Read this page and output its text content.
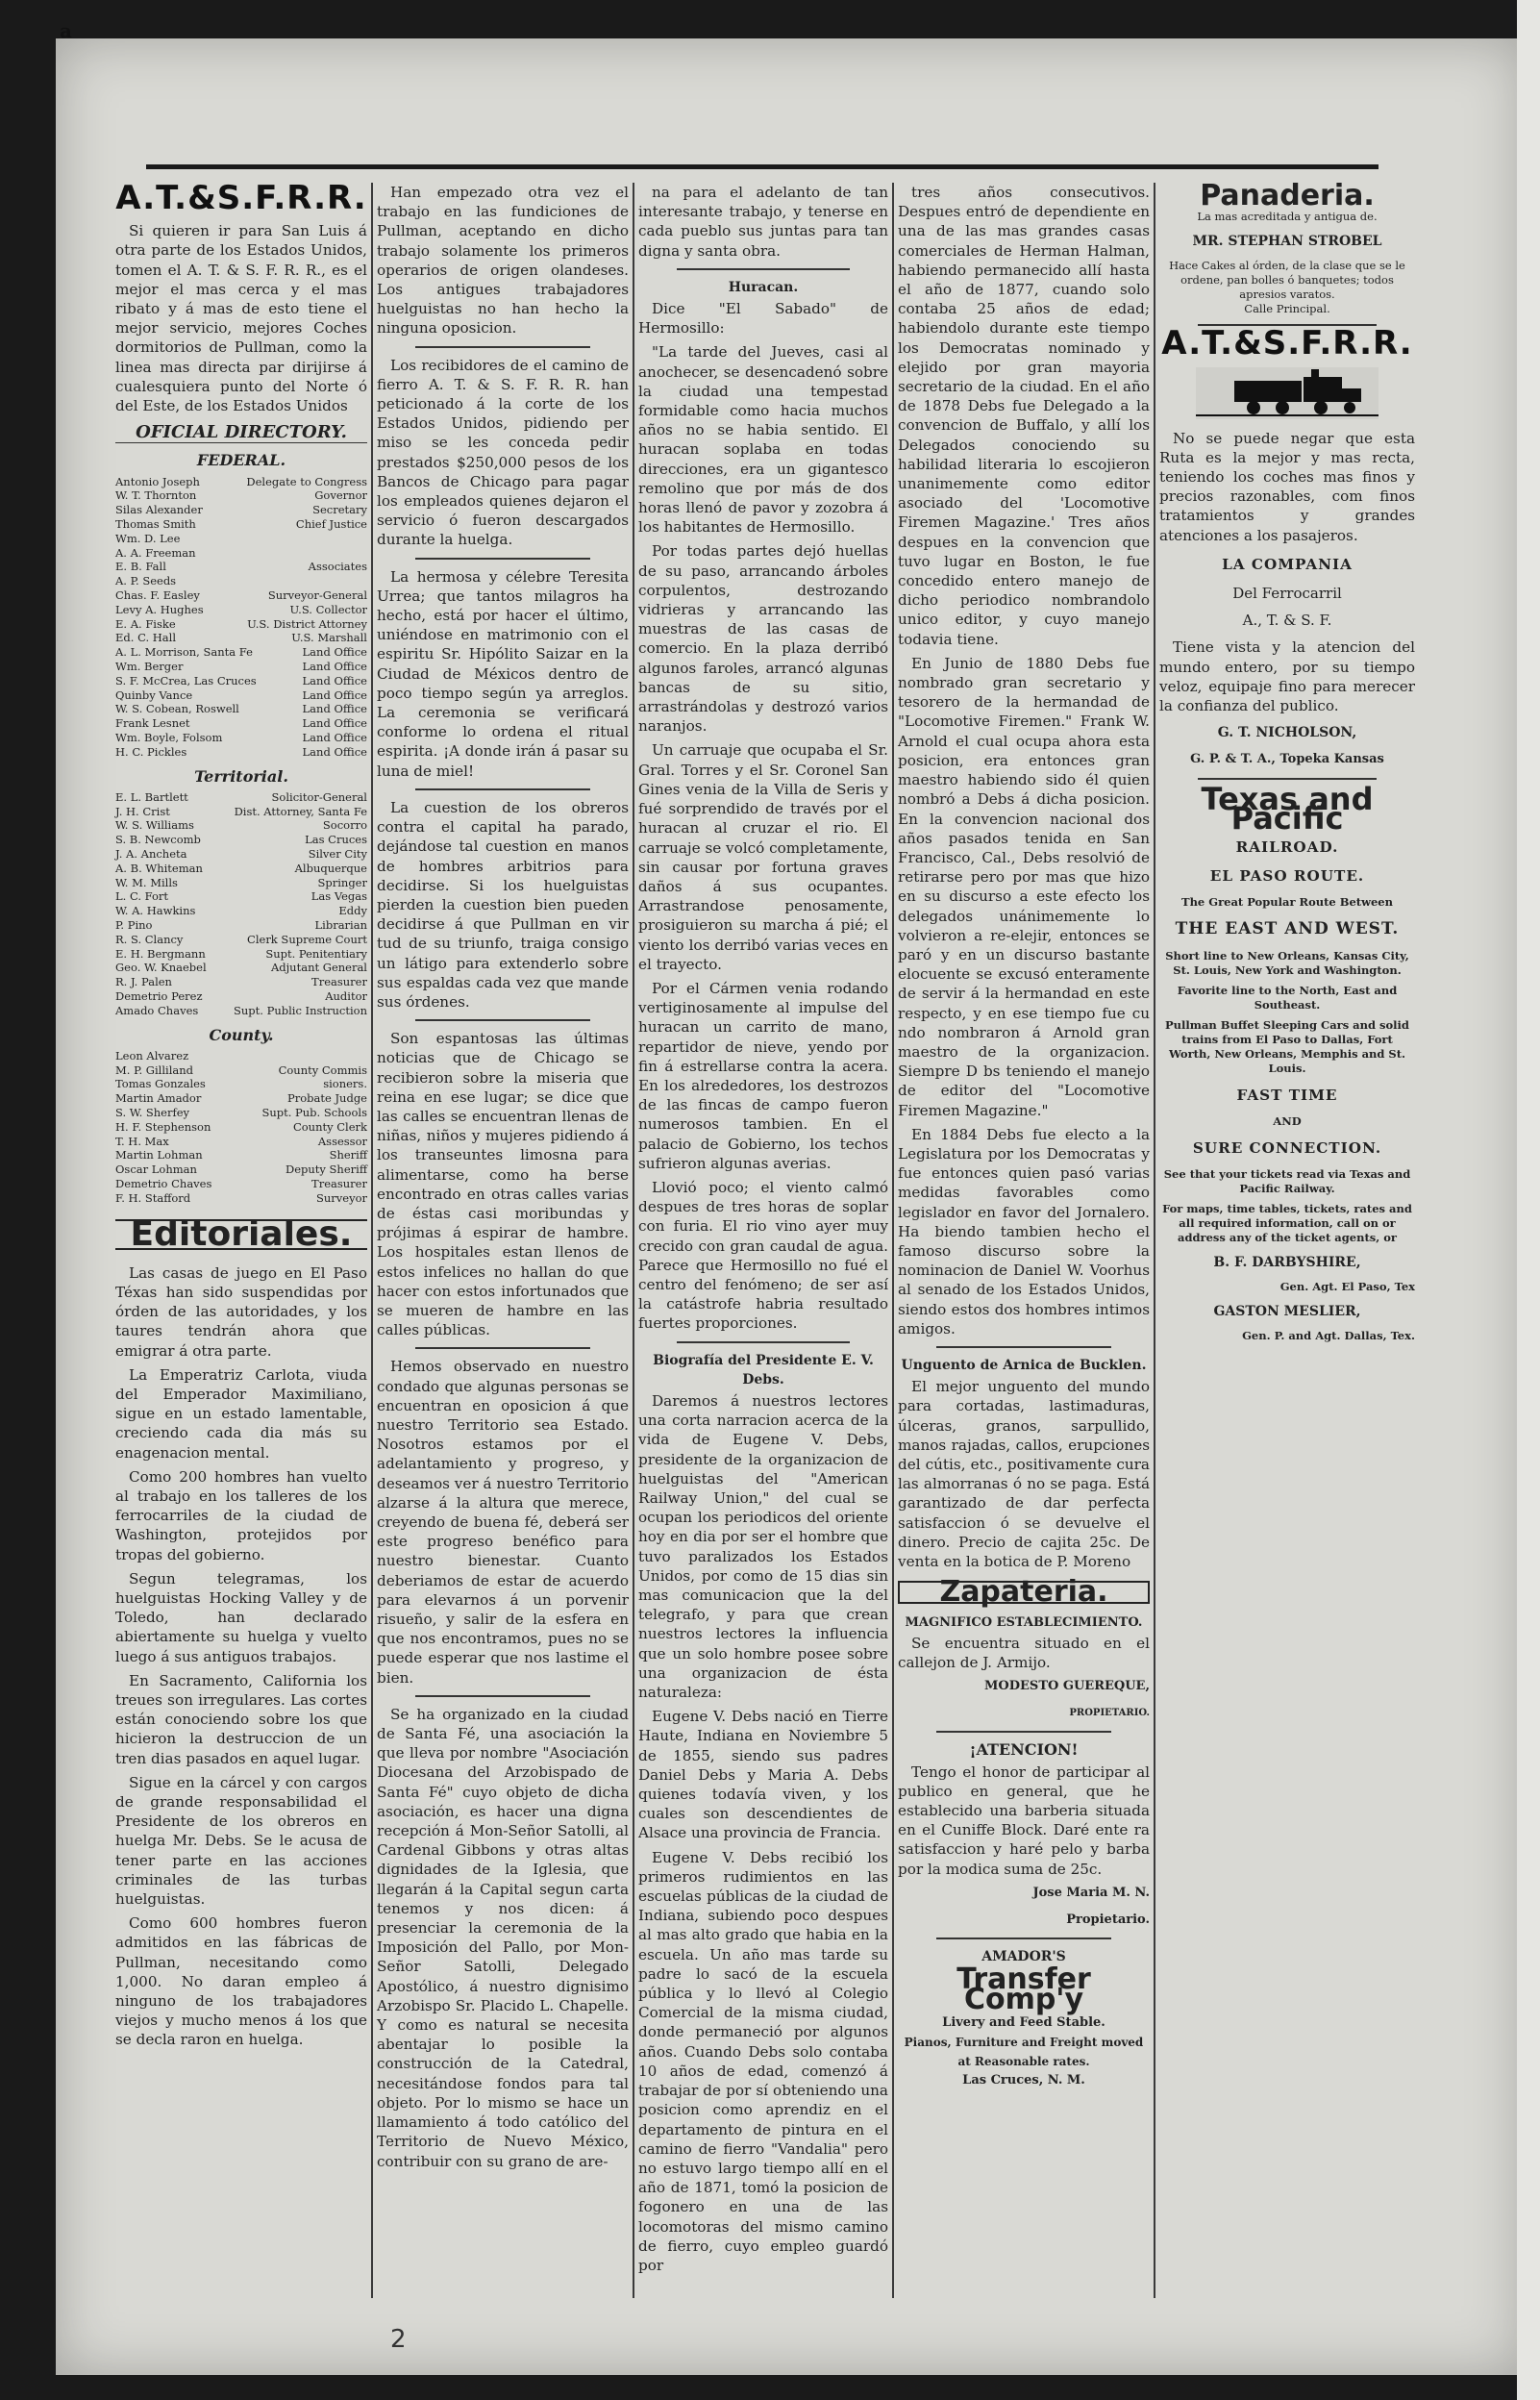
a
A.T.&S.F.R.R.

Si quieren ir para San Luis á otra parte de los Estados Unidos, tomen el A. T. & S. F. R. R., es el mejor el mas cerca y el mas ribato y á mas de esto tiene el mejor servicio, mejores Coches dormitorios de Pullman, como la linea mas directa par dirijirse á cualesquiera punto del Norte ó del Este, de los Estados Unidos

OFICIAL DIRECTORY.
FEDERAL.
Antonio Joseph	Delegate to Congress
W. T. Thornton	Governor
Silas Alexander	Secretary
Thomas Smith	Chief Justice
Wm. D. Lee
A. A. Freeman
E. B. Fall	Associates
A. P. Seeds
Chas. F. Easley	Surveyor-General
Levy A. Hughes	U.S. Collector
E. A. Fiske	U.S. District Attorney
Ed. C. Hall	U.S. Marshall
A. L. Morrison, Santa Fe	Land Office
Wm. Berger	Land Office
S. F. McCrea, Las Cruces	Land Office
Quinby Vance	Land Office
W. S. Cobean, Roswell	Land Office
Frank Lesnet	Land Office
Wm. Boyle, Folsom	Land Office
H. C. Pickles	Land Office
Territorial.
E. L. Bartlett	Solicitor-General
J. H. Crist	Dist. Attorney, Santa Fe
W. S. Williams	Socorro
S. B. Newcomb	Las Cruces
J. A. Ancheta	Silver City
A. B. Whiteman	Albuquerque
W. M. Mills	Springer
L. C. Fort	Las Vegas
W. A. Hawkins	Eddy
P. Pino	Librarian
R. S. Clancy	Clerk Supreme Court
E. H. Bergmann	Supt. Penitentiary
Geo. W. Knaebel	Adjutant General
R. J. Palen	Treasurer
Demetrio Perez	Auditor
Amado Chaves	Supt. Public Instruction
County.
Leon Alvarez
M. P. Gilliland	County Commis
Tomas Gonzales	sioners.
Martin Amador	Probate Judge
S. W. Sherfey	Supt. Pub. Schools
H. F. Stephenson	County Clerk
T. H. Max	Assessor
Martin Lohman	Sheriff
Oscar Lohman	Deputy Sheriff
Demetrio Chaves	Treasurer
F. H. Stafford	Surveyor
Editoriales.

Las casas de juego en El Paso Téxas han sido suspendidas por órden de las autoridades, y los taures tendrán ahora que emigrar á otra parte.

La Emperatriz Carlota, viuda del Emperador Maximiliano, sigue en un estado lamentable, creciendo cada dia más su enagenacion mental.

Como 200 hombres han vuelto al trabajo en los talleres de los ferrocarriles de la ciudad de Washington, protejidos por tropas del gobierno.

Segun telegramas, los huelguistas Hocking Valley y de Toledo, han declarado abiertamente su huelga y vuelto luego á sus antiguos trabajos.

En Sacramento, California los treues son irregulares. Las cortes están conociendo sobre los que hicieron la destruccion de un tren dias pasados en aquel lugar.

Sigue en la cárcel y con cargos de grande responsabilidad el Presidente de los obreros en huelga Mr. Debs. Se le acusa de tener parte en las acciones criminales de las turbas huelguistas.

Como 600 hombres fueron admitidos en las fábricas de Pullman, necesitando como 1,000. No daran empleo á ninguno de los trabajadores viejos y mucho menos á los que se decla raron en huelga.

Han empezado otra vez el trabajo en las fundiciones de Pullman, aceptando en dicho trabajo solamente los primeros operarios de origen olandeses. Los antigues trabajadores huelguistas no han hecho la ninguna oposicion.

Los recibidores de el camino de fierro A. T. & S. F. R. R. han peticionado á la corte de los Estados Unidos, pidiendo per miso se les conceda pedir prestados $250,000 pesos de los Bancos de Chicago para pagar los empleados quienes dejaron el servicio ó fueron descargados durante la huelga.

La hermosa y célebre Teresita Urrea; que tantos milagros ha hecho, está por hacer el último, uniéndose en matrimonio con el espiritu Sr. Hipólito Saizar en la Ciudad de Méxicos dentro de poco tiempo según ya arreglos. La ceremonia se verificará conforme lo ordena el ritual espirita. ¡A donde irán á pasar su luna de miel!

La cuestion de los obreros contra el capital ha parado, dejándose tal cuestion en manos de hombres arbitrios para decidirse. Si los huelguistas pierden la cuestion bien pueden decidirse á que Pullman en vir tud de su triunfo, traiga consigo un látigo para extenderlo sobre sus espaldas cada vez que mande sus órdenes.

Son espantosas las últimas noticias que de Chicago se recibieron sobre la miseria que reina en ese lugar; se dice que las calles se encuentran llenas de niñas, niños y mujeres pidiendo á los transeuntes limosna para alimentarse, como ha berse encontrado en otras calles varias de éstas casi moribundas y prójimas á espirar de hambre. Los hospitales estan llenos de estos infelices no hallan do que hacer con estos infortunados que se mueren de hambre en las calles públicas.

Hemos observado en nuestro condado que algunas personas se encuentran en oposicion á que nuestro Territorio sea Estado. Nosotros estamos por el adelantamiento y progreso, y deseamos ver á nuestro Territorio alzarse á la altura que merece, creyendo de buena fé, deberá ser este progreso benéfico para nuestro bienestar. Cuanto deberiamos de estar de acuerdo para elevarnos á un porvenir risueño, y salir de la esfera en que nos encontramos, pues no se puede esperar que nos lastime el bien.

Se ha organizado en la ciudad de Santa Fé, una asociación la que lleva por nombre "Asociación Diocesana del Arzobispado de Santa Fé" cuyo objeto de dicha asociación, es hacer una digna recepción á Mon-Señor Satolli, al Cardenal Gibbons y otras altas dignidades de la Iglesia, que llegarán á la Capital segun carta tenemos y nos dicen: á presenciar la ceremonia de la Imposición del Pallo, por Mon-Señor Satolli, Delegado Apostólico, á nuestro dignisimo Arzobispo Sr. Placido L. Chapelle. Y como es natural se necesita abentajar lo posible la construcción de la Catedral, necesitándose fondos para tal objeto. Por lo mismo se hace un llamamiento á todo católico del Territorio de Nuevo México, contribuir con su grano de are-

na para el adelanto de tan interesante trabajo, y tenerse en cada pueblo sus juntas para tan digna y santa obra.

Huracan.

Dice "El Sabado" de Hermosillo:

"La tarde del Jueves, casi al anochecer, se desencadenó sobre la ciudad una tempestad formidable como hacia muchos años no se habia sentido. El huracan soplaba en todas direcciones, era un gigantesco remolino que por más de dos horas llenó de pavor y zozobra á los habitantes de Hermosillo.

Por todas partes dejó huellas de su paso, arrancando árboles corpulentos, destrozando vidrieras y arrancando las muestras de las casas de comercio. En la plaza derribó algunos faroles, arrancó algunas bancas de su sitio, arrastrándolas y destrozó varios naranjos.

Un carruaje que ocupaba el Sr. Gral. Torres y el Sr. Coronel San Gines venia de la Villa de Seris y fué sorprendido de través por el huracan al cruzar el rio. El carruaje se volcó completamente, sin causar por fortuna graves daños á sus ocupantes. Arrastrandose penosamente, prosiguieron su marcha á pié; el viento los derribó varias veces en el trayecto.

Por el Cármen venia rodando vertiginosamente al impulse del huracan un carrito de mano, repartidor de nieve, yendo por fin á estrellarse contra la acera. En los alrededores, los destrozos de las fincas de campo fueron numerosos tambien. En el palacio de Gobierno, los techos sufrieron algunas averias.

Llovió poco; el viento calmó despues de tres horas de soplar con furia. El rio vino ayer muy crecido con gran caudal de agua. Parece que Hermosillo no fué el centro del fenómeno; de ser así la catástrofe habria resultado fuertes proporciones.

Biografía del Presidente E. V. Debs.

Daremos á nuestros lectores una corta narracion acerca de la vida de Eugene V. Debs, presidente de la organizacion de huelguistas del "American Railway Union," del cual se ocupan los periodicos del oriente hoy en dia por ser el hombre que tuvo paralizados los Estados Unidos, por como de 15 dias sin mas comunicacion que la del telegrafo, y para que crean nuestros lectores la influencia que un solo hombre posee sobre una organizacion de ésta naturaleza:

Eugene V. Debs nació en Tierre Haute, Indiana en Noviembre 5 de 1855, siendo sus padres Daniel Debs y Maria A. Debs quienes todavía viven, y los cuales son descendientes de Alsace una provincia de Francia.

Eugene V. Debs recibió los primeros rudimientos en las escuelas públicas de la ciudad de Indiana, subiendo poco despues al mas alto grado que habia en la escuela. Un año mas tarde su padre lo sacó de la escuela pública y lo llevó al Colegio Comercial de la misma ciudad, donde permaneció por algunos años. Cuando Debs solo contaba 10 años de edad, comenzó á trabajar de por sí obteniendo una posicion como aprendiz en el departamento de pintura en el camino de fierro "Vandalia" pero no estuvo largo tiempo allí en el año de 1871, tomó la posicion de fogonero en una de las locomotoras del mismo camino de fierro, cuyo empleo guardó por

tres años consecutivos. Despues entró de dependiente en una de las mas grandes casas comerciales de Herman Halman, habiendo permanecido allí hasta el año de 1877, cuando solo contaba 25 años de edad; habiendolo durante este tiempo los Democratas nominado y elejido por gran mayoria secretario de la ciudad. En el año de 1878 Debs fue Delegado a la convencion de Buffalo, y allí los Delegados conociendo su habilidad literaria lo escojieron unanimemente como editor asociado del 'Locomotive Firemen Magazine.' Tres años despues en la convencion que tuvo lugar en Boston, le fue concedido entero manejo de dicho periodico nombrandolo unico editor, y cuyo manejo todavia tiene.

En Junio de 1880 Debs fue nombrado gran secretario y tesorero de la hermandad de "Locomotive Firemen." Frank W. Arnold el cual ocupa ahora esta posicion, era entonces gran maestro habiendo sido él quien nombró a Debs á dicha posicion. En la convencion nacional dos años pasados tenida en San Francisco, Cal., Debs resolvió de retirarse pero por mas que hizo en su discurso a este efecto los delegados unánimemente lo volvieron a re-elejir, entonces se paró y en un discurso bastante elocuente se excusó enteramente de servir á la hermandad en este respecto, y en ese tiempo fue cu ndo nombraron á Arnold gran maestro de la organizacion. Siempre D bs teniendo el manejo de editor del "Locomotive Firemen Magazine."

En 1884 Debs fue electo a la Legislatura por los Democratas y fue entonces quien pasó varias medidas favorables como legislador en favor del Jornalero. Ha biendo tambien hecho el famoso discurso sobre la nominacion de Daniel W. Voorhus al senado de los Estados Unidos, siendo estos dos hombres intimos amigos.

Unguento de Arnica de Bucklen.

El mejor unguento del mundo para cortadas, lastimaduras, úlceras, granos, sarpullido, manos rajadas, callos, erupciones del cútis, etc., positivamente cura las almorranas ó no se paga. Está garantizado de dar perfecta satisfaccion ó se devuelve el dinero. Precio de cajita 25c. De venta en la botica de P. Moreno

Zapateria.
MAGNIFICO ESTABLECIMIENTO.

Se encuentra situado en el callejon de J. Armijo.

MODESTO GUEREQUE,
PROPIETARIO.
¡ATENCION!

Tengo el honor de participar al publico en general, que he establecido una barberia situada en el Cuniffe Block. Daré ente ra satisfaccion y haré pelo y barba por la modica suma de 25c.

Jose Maria M. N.
Propietario.
AMADOR'S
Transfer Comp'y
Livery and Feed Stable.
Pianos, Furniture and Freight moved at Reasonable rates.
Las Cruces, N. M.
Panaderia.
La mas acreditada y antigua de.
MR. STEPHAN STROBEL
Hace Cakes al órden, de la clase que se le ordene, pan bolles ó banquetes; todos apresios varatos.
Calle Principal.
A.T.&S.F.R.R.

No se puede negar que esta Ruta es la mejor y mas recta, teniendo los coches mas finos y precios razonables, com finos tratamientos y grandes atenciones a los pasajeros.

LA COMPANIA
Del Ferrocarril
A., T. & S. F.

Tiene vista y la atencion del mundo entero, por su tiempo veloz, equipaje fino para merecer la confianza del publico.

G. T. NICHOLSON,
G. P. & T. A., Topeka Kansas
Texas and Pacific
RAILROAD.
EL PASO ROUTE.
The Great Popular Route Between
THE EAST AND WEST.
Short line to New Orleans, Kansas City, St. Louis, New York and Washington.
Favorite line to the North, East and Southeast.
Pullman Buffet Sleeping Cars and solid trains from El Paso to Dallas, Fort Worth, New Orleans, Memphis and St. Louis.
FAST TIME
AND
SURE CONNECTION.
See that your tickets read via Texas and Pacific Railway.
For maps, time tables, tickets, rates and all required information, call on or address any of the ticket agents, or
B. F. DARBYSHIRE,
Gen. Agt. El Paso, Tex
GASTON MESLIER,
Gen. P. and Agt. Dallas, Tex.
2
